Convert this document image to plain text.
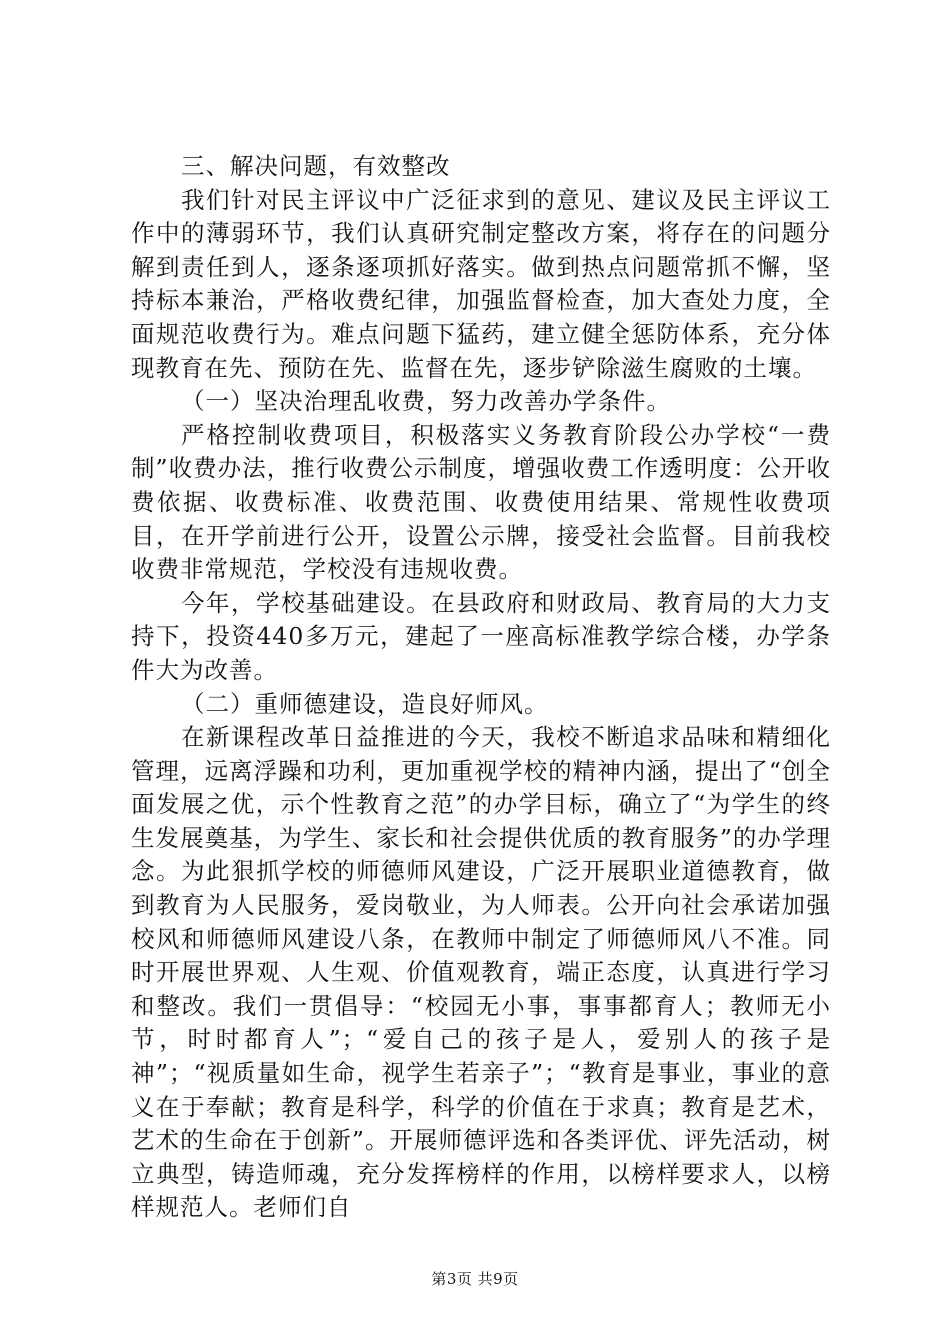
三、解决问题，有效整改

我们针对民主评议中广泛征求到的意见、建议及民主评议工作中的薄弱环节，我们认真研究制定整改方案，将存在的问题分解到责任到人，逐条逐项抓好落实。做到热点问题常抓不懈，坚持标本兼治，严格收费纪律，加强监督检查，加大查处力度，全面规范收费行为。难点问题下猛药，建立健全惩防体系，充分体现教育在先、预防在先、监督在先，逐步铲除滋生腐败的土壤。

（一）坚决治理乱收费，努力改善办学条件。

严格控制收费项目，积极落实义务教育阶段公办学校“一费制”收费办法，推行收费公示制度，增强收费工作透明度：公开收费依据、收费标准、收费范围、收费使用结果、常规性收费项目，在开学前进行公开，设置公示牌，接受社会监督。目前我校收费非常规范，学校没有违规收费。

今年，学校基础建设。在县政府和财政局、教育局的大力支持下，投资440多万元，建起了一座高标准教学综合楼，办学条件大为改善。

（二）重师德建设，造良好师风。

在新课程改革日益推进的今天，我校不断追求品味和精细化管理，远离浮躁和功利，更加重视学校的精神内涵，提出了“创全面发展之优，示个性教育之范”的办学目标，确立了“为学生的终生发展奠基，为学生、家长和社会提供优质的教育服务”的办学理念。为此狠抓学校的师德师风建设，广泛开展职业道德教育，做到教育为人民服务，爱岗敬业，为人师表。公开向社会承诺加强校风和师德师风建设八条，在教师中制定了师德师风八不准。同时开展世界观、人生观、价值观教育，端正态度，认真进行学习和整改。我们一贯倡导：“校园无小事，事事都育人；教师无小节，时时都育人”；“爱自己的孩子是人，爱别人的孩子是神”；“视质量如生命，视学生若亲子”；“教育是事业，事业的意义在于奉献；教育是科学，科学的价值在于求真；教育是艺术，艺术的生命在于创新”。开展师德评选和各类评优、评先活动，树立典型，铸造师魂，充分发挥榜样的作用，以榜样要求人，以榜样规范人。老师们自

第3页 共9页
